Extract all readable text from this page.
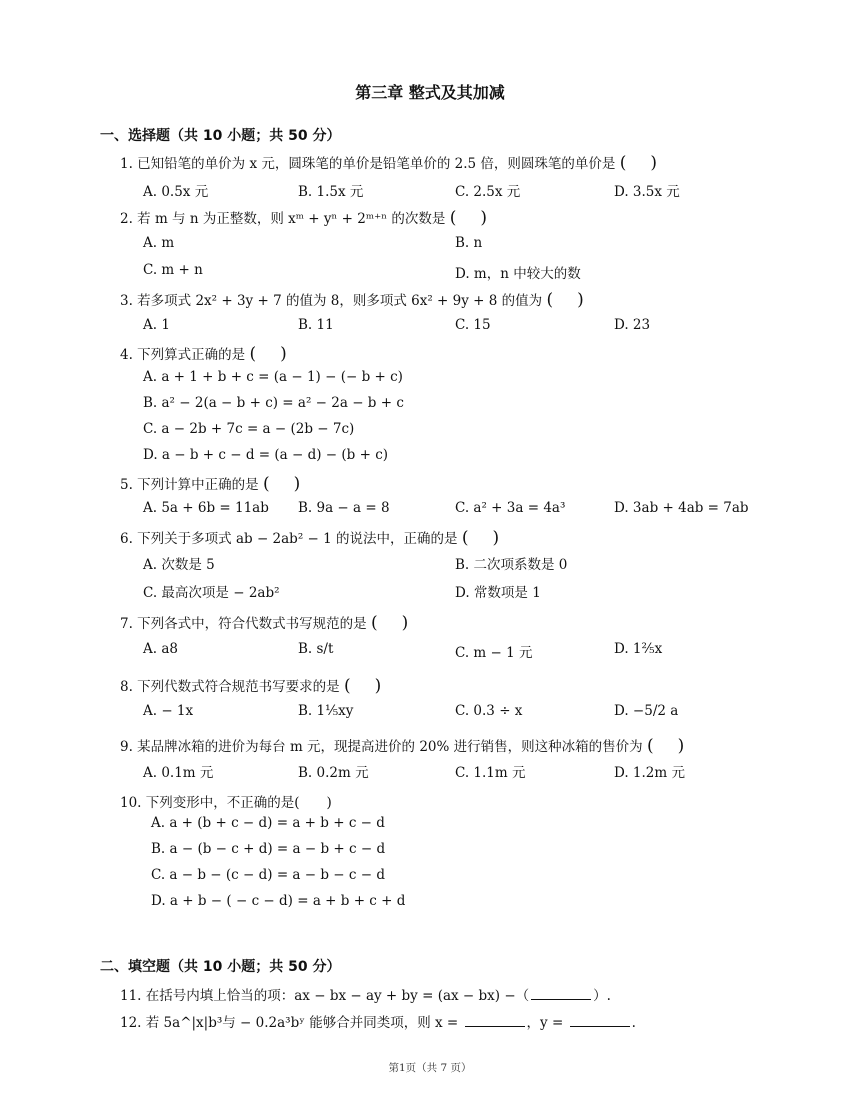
第三章 整式及其加减
一、选择题（共 10 小题；共 50 分）
1. 已知铅笔的单价为 x 元，圆珠笔的单价是铅笔单价的 2.5 倍，则圆珠笔的单价是 ( )
A. 0.5x 元	B. 1.5x 元	C. 2.5x 元	D. 3.5x 元
2. 若 m 与 n 为正整数，则 xᵐ + yⁿ + 2ᵐ⁺ⁿ 的次数是 ( )
A. m	B. n
C. m + n	D. m，n 中较大的数
3. 若多项式 2x² + 3y + 7 的值为 8，则多项式 6x² + 9y + 8 的值为 ( )
A. 1	B. 11	C. 15	D. 23
4. 下列算式正确的是 ( )
A. a + 1 + b + c = (a − 1) − (− b + c)
B. a² − 2(a − b + c) = a² − 2a − b + c
C. a − 2b + 7c = a − (2b − 7c)
D. a − b + c − d = (a − d) − (b + c)
5. 下列计算中正确的是 ( )
A. 5a + 6b = 11ab B. 9a − a = 8	C. a² + 3a = 4a³	D. 3ab + 4ab = 7ab
6. 下列关于多项式 ab − 2ab² − 1 的说法中，正确的是 ( )
A. 次数是 5	B. 二次项系数是 0
C. 最高次项是 − 2ab²	D. 常数项是 1
7. 下列各式中，符合代数式书写规范的是 ( )
A. a8	B. s/t	C. m − 1 元	D. 1⅖x
8. 下列代数式符合规范书写要求的是 ( )
A. − 1x	B. 1⅕xy	C. 0.3 ÷ x	D. −5/2 a
9. 某品牌冰箱的进价为每台 m 元，现提高进价的 20% 进行销售，则这种冰箱的售价为 ( )
A. 0.1m 元	B. 0.2m 元	C. 1.1m 元	D. 1.2m 元
10. 下列变形中，不正确的是(　　)
A. a + (b + c − d) = a + b + c − d
B. a − (b − c + d) = a − b + c − d
C. a − b − (c − d) = a − b − c − d
D. a + b − ( − c − d) = a + b + c + d
二、填空题（共 10 小题；共 50 分）
11. 在括号内填上恰当的项：ax − bx − ay + by = (ax − bx) −（	）.
12. 若 5a^|x|b³与 − 0.2a³bʸ 能够合并同类项，则 x =	，y =	.
第1页（共 7 页）
